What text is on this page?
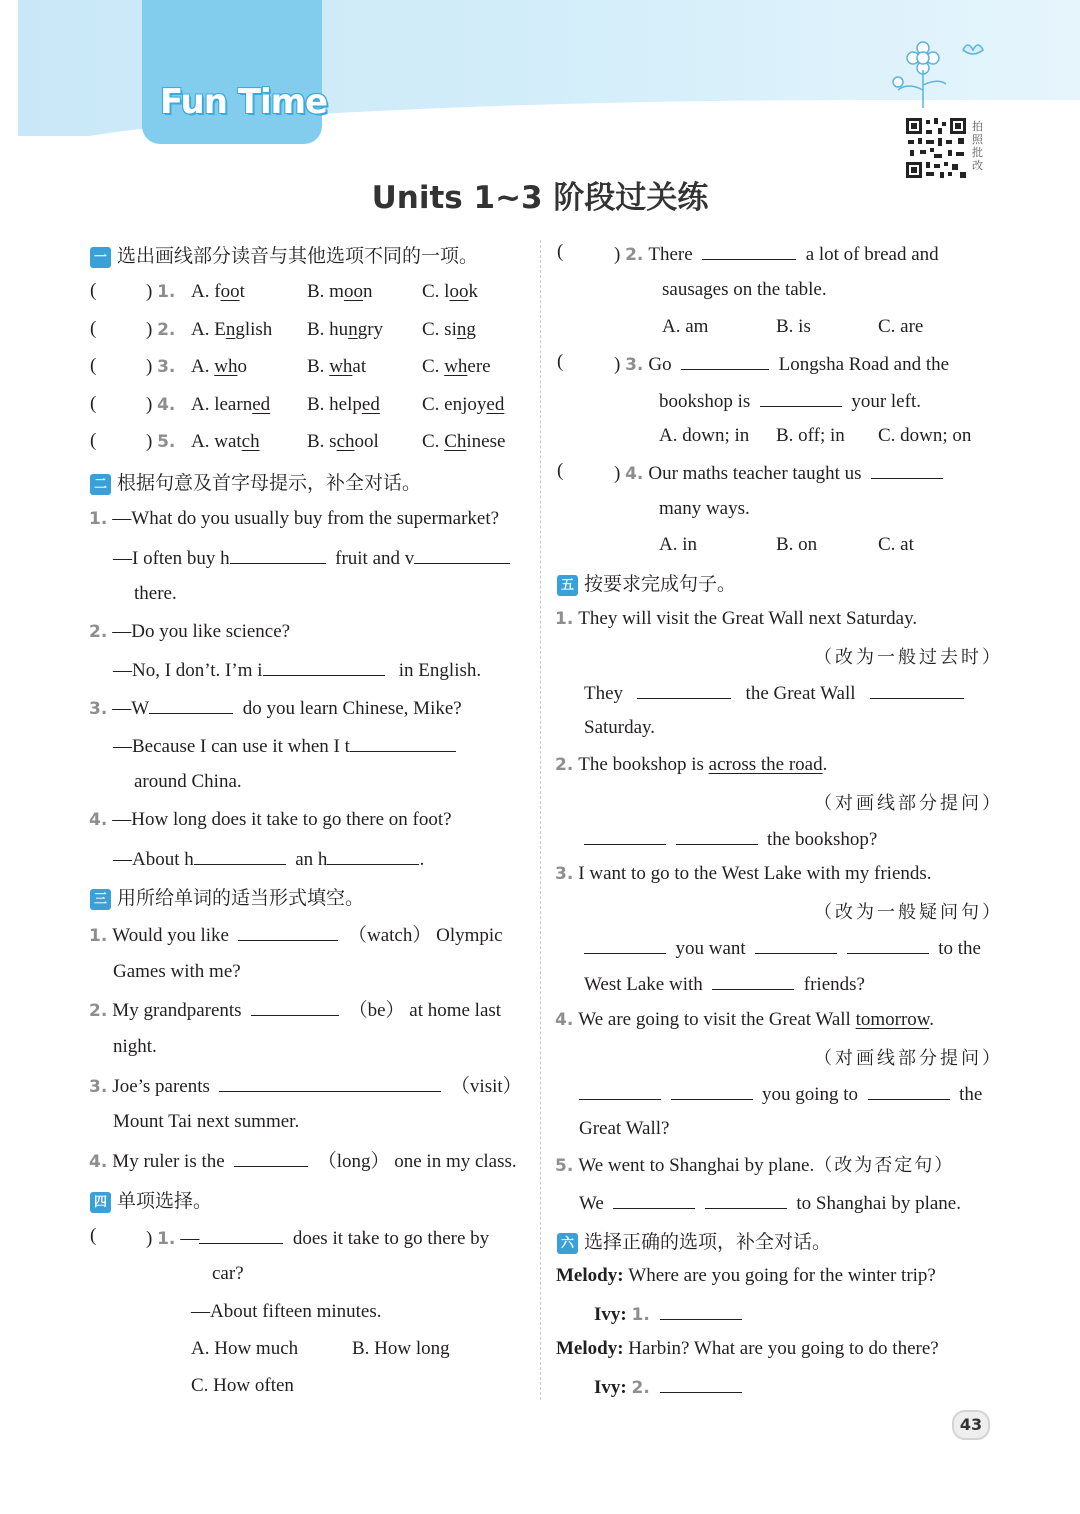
Fun Time
拍照批改
Units 1~3 阶段过关练
一 选出画线部分读音与其他选项不同的一项。
(	) 1. A. foot	B. moon	C. look
(	) 2. A. English B. hungry C. sing
(	) 3. A. who	B. what	C. where
(	) 4. A. learned B. helped C. enjoyed
(	) 5. A. watch B. school C. Chinese
二 根据句意及首字母提示，补全对话。
1. —What do you usually buy from the supermarket?
—I often buy h	fruit and v
there.
2. —Do you like science?
—No, I don’t. I’m i	in English.
3. —W	do you learn Chinese, Mike?
—Because I can use it when I t
around China.
4. —How long does it take to go there on foot?
—About h	an h	.
三 用所给单词的适当形式填空。
1. Would you like	（watch） Olympic
Games with me?
2. My grandparents	（be） at home last
night.
3. Joe’s parents	（visit）
Mount Tai next summer.
4. My ruler is the	（long） one in my class.
四 单项选择。
(	) 1. —	does it take to go there by
car?
—About fifteen minutes.
A. How much	B. How long
C. How often
(	) 2. There	a lot of bread and
sausages on the table.
A. am	B. is	C. are
(	) 3. Go	Longsha Road and the
bookshop is	your left.
A. down; in B. off; in C. down; on
(	) 4. Our maths teacher taught us
many ways.
A. in	B. on	C. at
五 按要求完成句子。
1. They will visit the Great Wall next Saturday.
（改为一般过去时）
They	the Great Wall
Saturday.
2. The bookshop is across the road.
（对画线部分提问）
the bookshop?
3. I want to go to the West Lake with my friends.
（改为一般疑问句）
you want	to the
West Lake with	friends?
4. We are going to visit the Great Wall tomorrow.
（对画线部分提问）
you going to	the
Great Wall?
5. We went to Shanghai by plane.（改为否定句）
We	to Shanghai by plane.
六 选择正确的选项，补全对话。
Melody: Where are you going for the winter trip?
Ivy: 1.
Melody: Harbin? What are you going to do there?
Ivy: 2.
43
